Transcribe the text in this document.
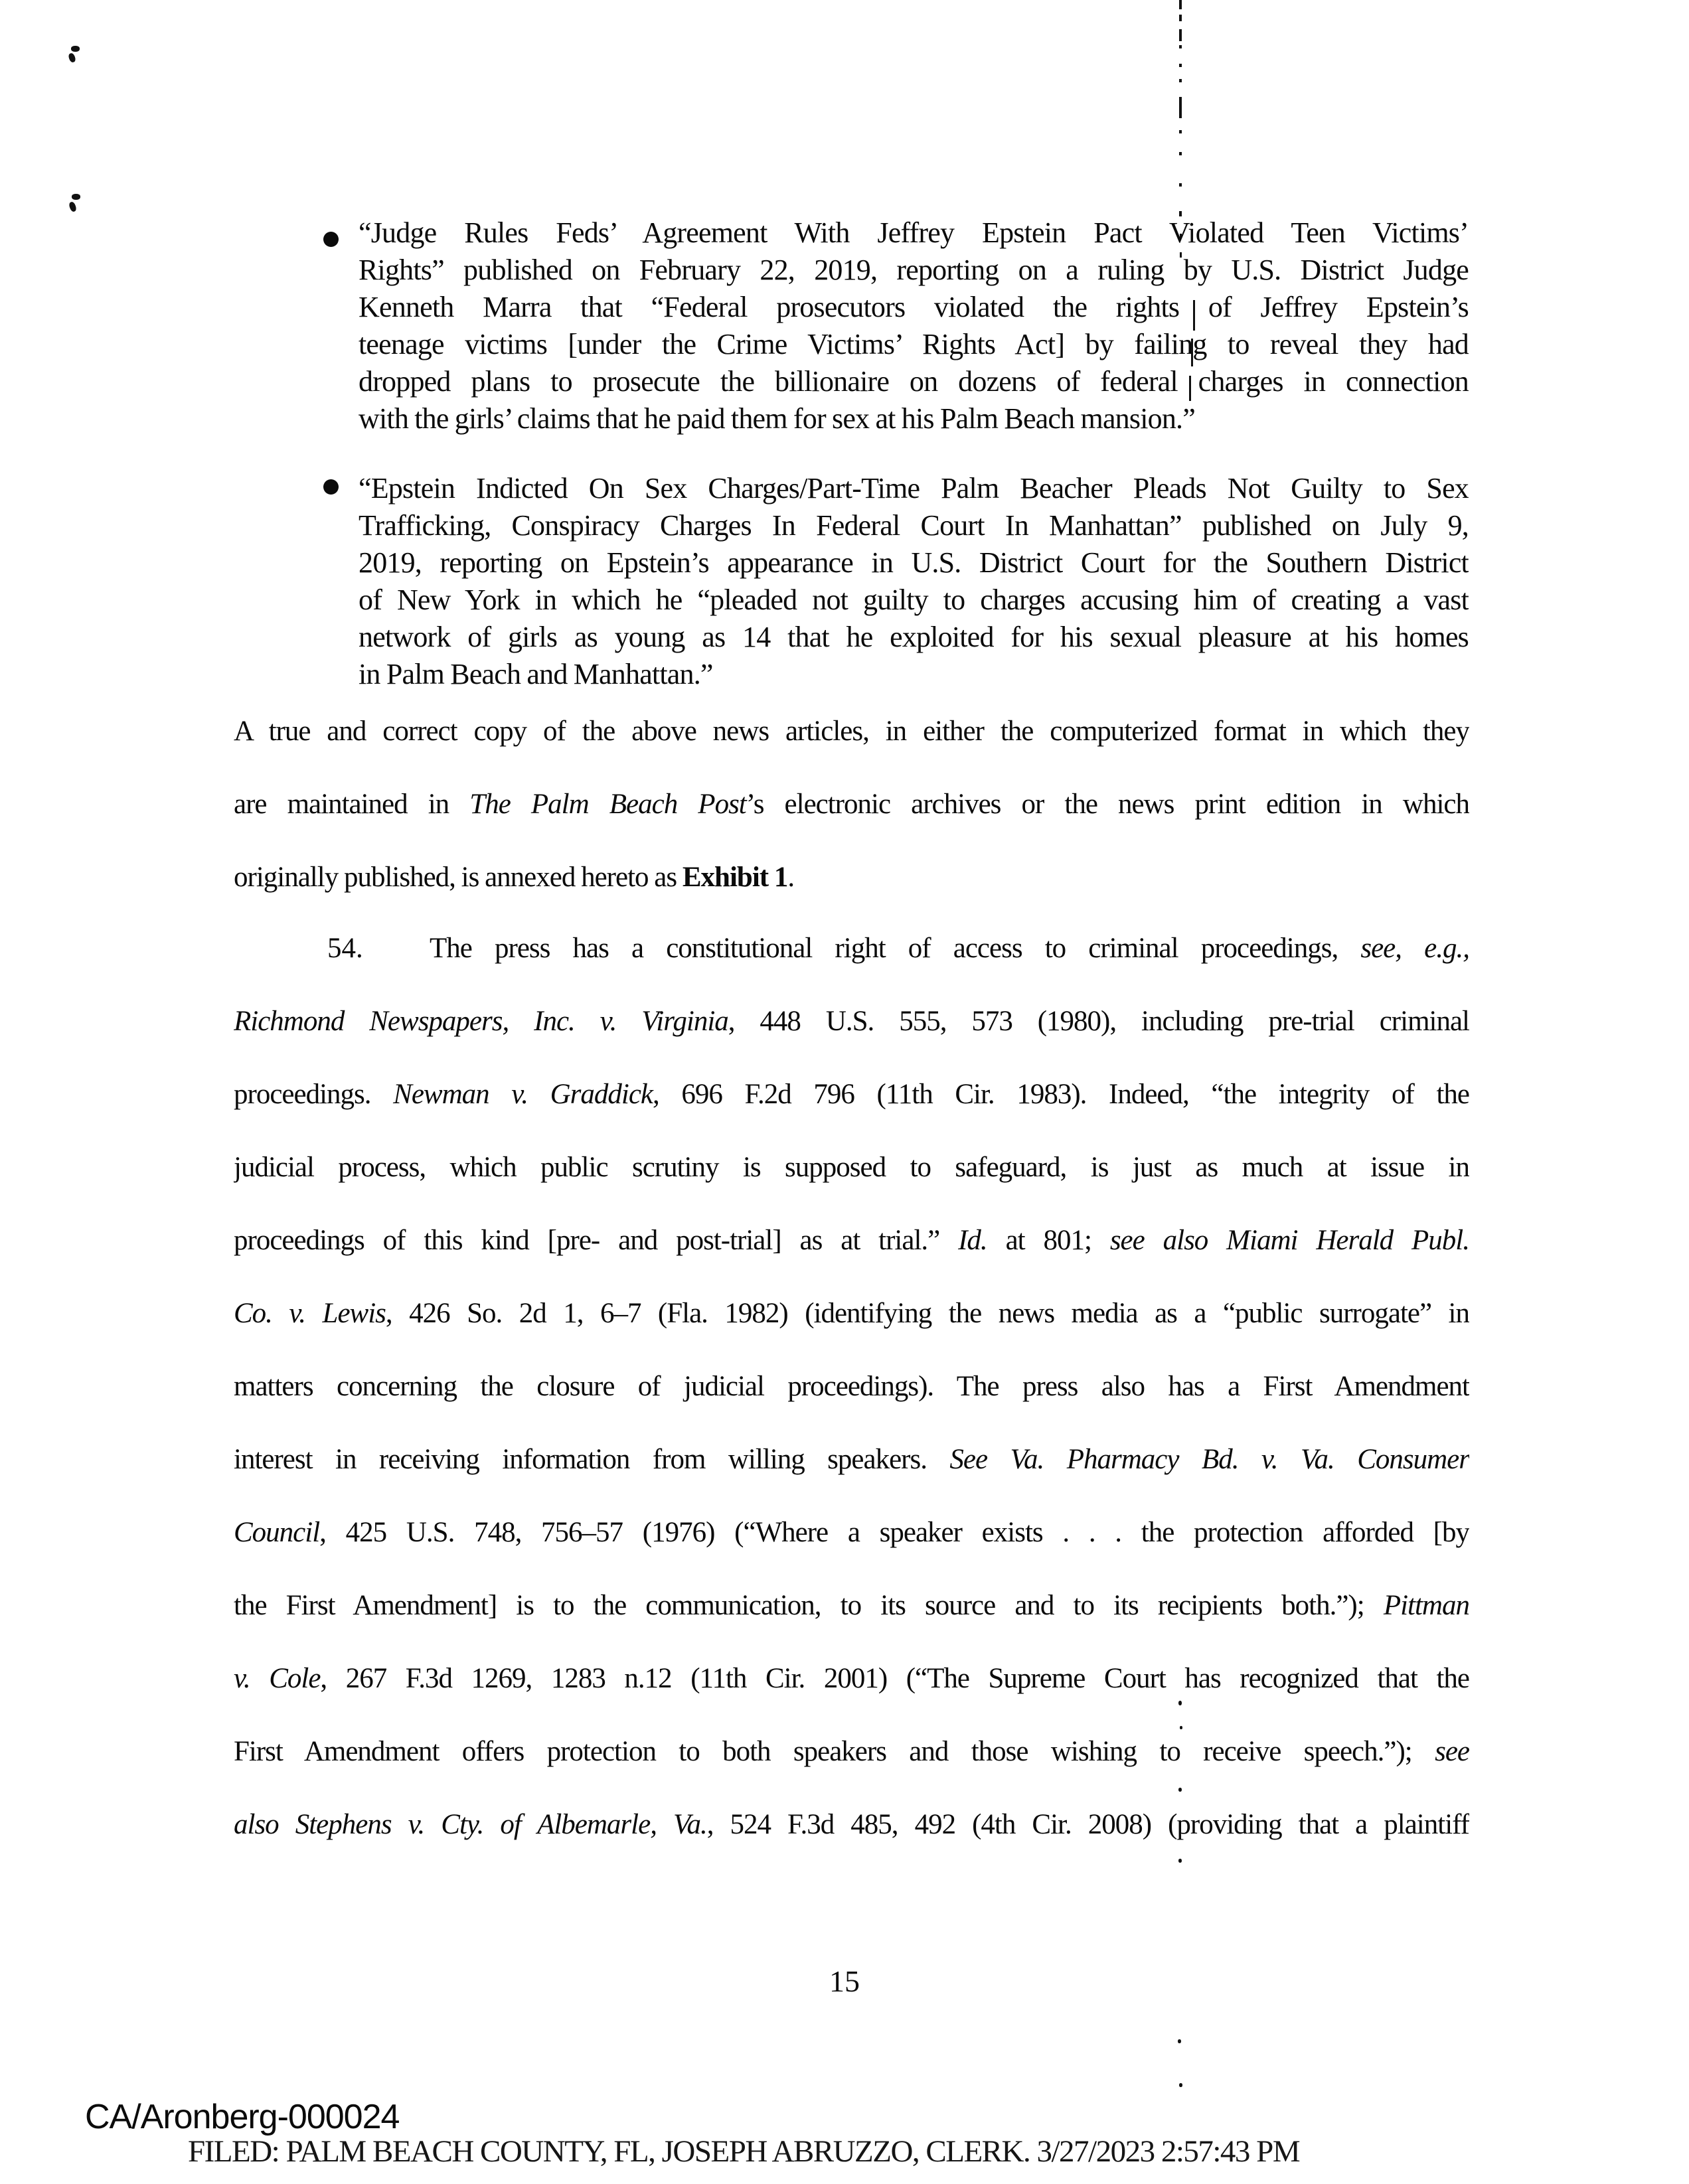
“Judge Rules Feds’ Agreement With Jeffrey Epstein Pact Violated Teen Victims’
Rights” published on February 22, 2019, reporting on a ruling by U.S. District Judge
Kenneth Marra that “Federal prosecutors violated the rights of Jeffrey Epstein’s
teenage victims [under the Crime Victims’ Rights Act] by failing to reveal they had
dropped plans to prosecute the billionaire on dozens of federal charges in connection
with the girls’ claims that he paid them for sex at his Palm Beach mansion.”
“Epstein Indicted On Sex Charges/Part-Time Palm Beacher Pleads Not Guilty to Sex
Trafficking, Conspiracy Charges In Federal Court In Manhattan” published on July 9,
2019, reporting on Epstein’s appearance in U.S. District Court for the Southern District
of New York in which he “pleaded not guilty to charges accusing him of creating a vast
network of girls as young as 14 that he exploited for his sexual pleasure at his homes
in Palm Beach and Manhattan.”
A true and correct copy of the above news articles, in either the computerized format in which they
are maintained in The Palm Beach Post’s electronic archives or the news print edition in which
originally published, is annexed hereto as Exhibit 1.
54. The press has a constitutional right of access to criminal proceedings, see, e.g.,
Richmond Newspapers, Inc. v. Virginia, 448 U.S. 555, 573 (1980), including pre-trial criminal
proceedings. Newman v. Graddick, 696 F.2d 796 (11th Cir. 1983). Indeed, “the integrity of the
judicial process, which public scrutiny is supposed to safeguard, is just as much at issue in
proceedings of this kind [pre- and post-trial] as at trial.” Id. at 801; see also Miami Herald Publ.
Co. v. Lewis, 426 So. 2d 1, 6–7 (Fla. 1982) (identifying the news media as a “public surrogate” in
matters concerning the closure of judicial proceedings). The press also has a First Amendment
interest in receiving information from willing speakers. See Va. Pharmacy Bd. v. Va. Consumer
Council, 425 U.S. 748, 756–57 (1976) (“Where a speaker exists . . . the protection afforded [by
the First Amendment] is to the communication, to its source and to its recipients both.”); Pittman
v. Cole, 267 F.3d 1269, 1283 n.12 (11th Cir. 2001) (“The Supreme Court has recognized that the
First Amendment offers protection to both speakers and those wishing to receive speech.”); see
also Stephens v. Cty. of Albemarle, Va., 524 F.3d 485, 492 (4th Cir. 2008) (providing that a plaintiff
15
CA/Aronberg-000024
FILED: PALM BEACH COUNTY, FL, JOSEPH ABRUZZO, CLERK. 3/27/2023 2:57:43 PM
